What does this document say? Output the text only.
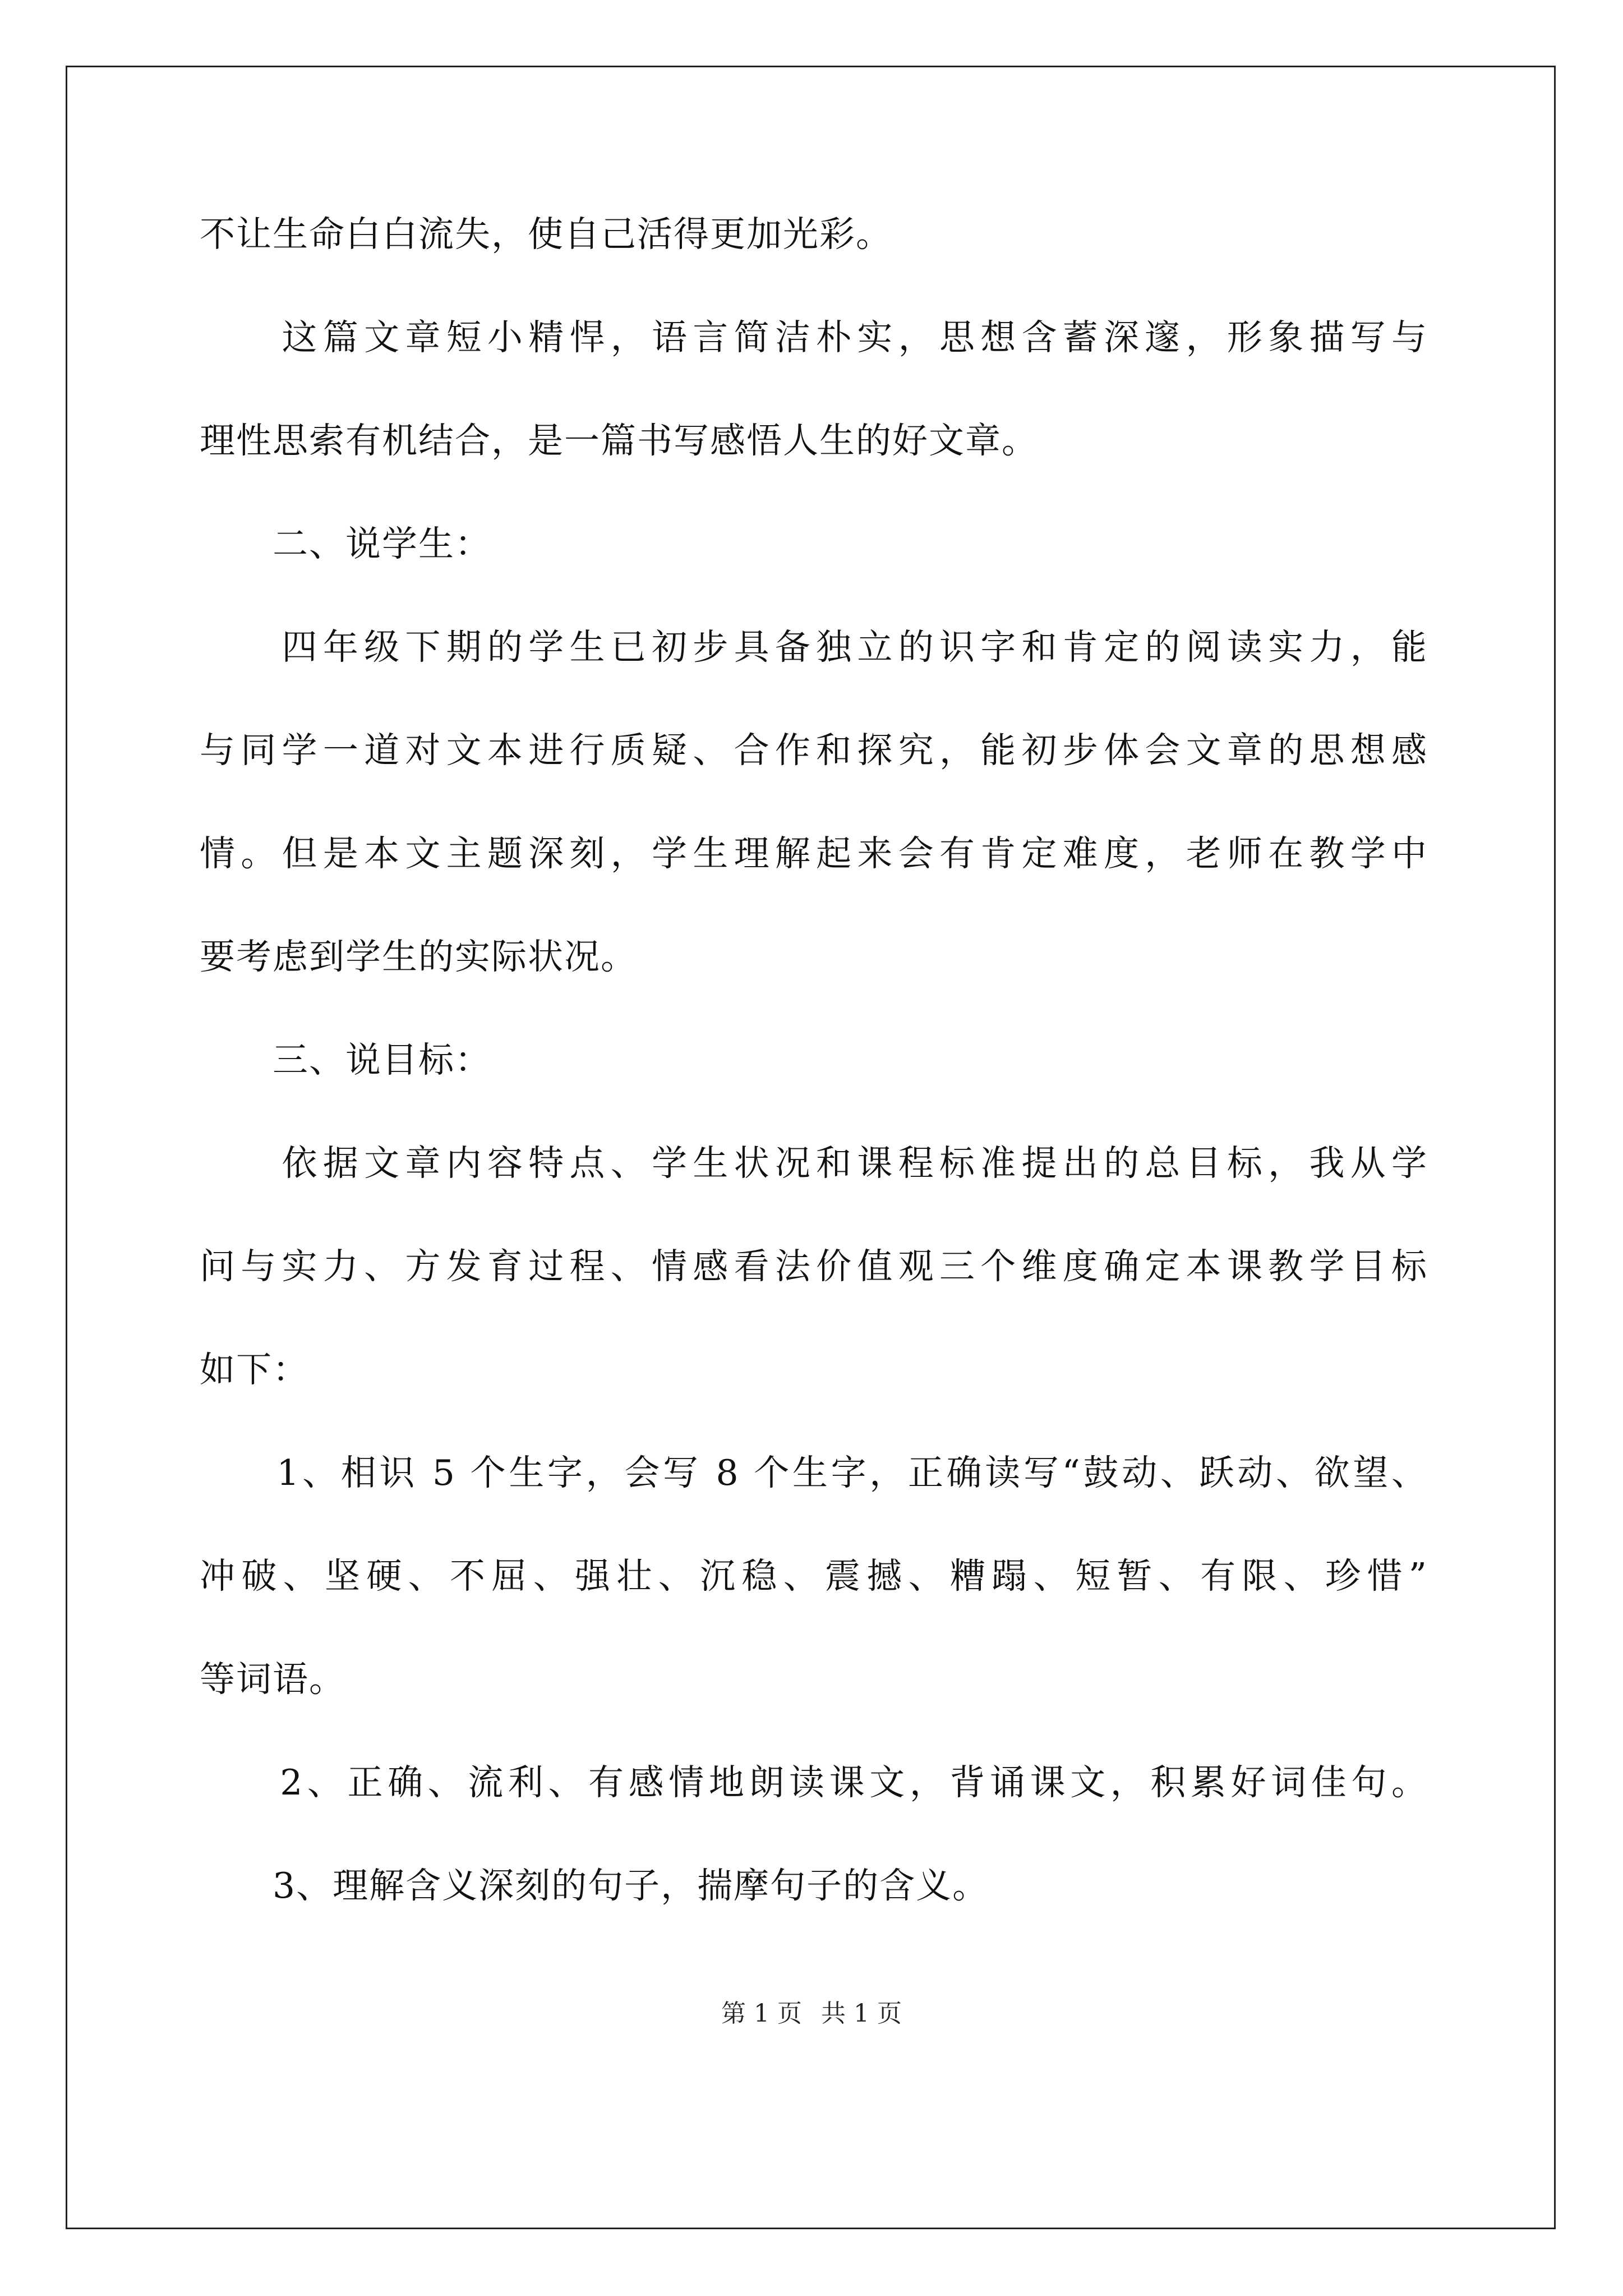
不让生命白白流失，使自己活得更加光彩。
　　这篇文章短小精悍，语言简洁朴实，思想含蓄深邃，形象描写与
理性思索有机结合，是一篇书写感悟人生的好文章。
　　二、说学生：
　　四年级下期的学生已初步具备独立的识字和肯定的阅读实力，能
与同学一道对文本进行质疑、合作和探究，能初步体会文章的思想感
情。但是本文主题深刻，学生理解起来会有肯定难度，老师在教学中
要考虑到学生的实际状况。
　　三、说目标：
　　依据文章内容特点、学生状况和课程标准提出的总目标，我从学
问与实力、方发育过程、情感看法价值观三个维度确定本课教学目标
如下：
　　1、相识 5 个生字，会写 8 个生字，正确读写“鼓动、跃动、欲望、
冲破、坚硬、不屈、强壮、沉稳、震撼、糟蹋、短暂、有限、珍惜”
等词语。
　　2、正确、流利、有感情地朗读课文，背诵课文，积累好词佳句。
　　3、理解含义深刻的句子，揣摩句子的含义。
第 1 页 共 1 页
